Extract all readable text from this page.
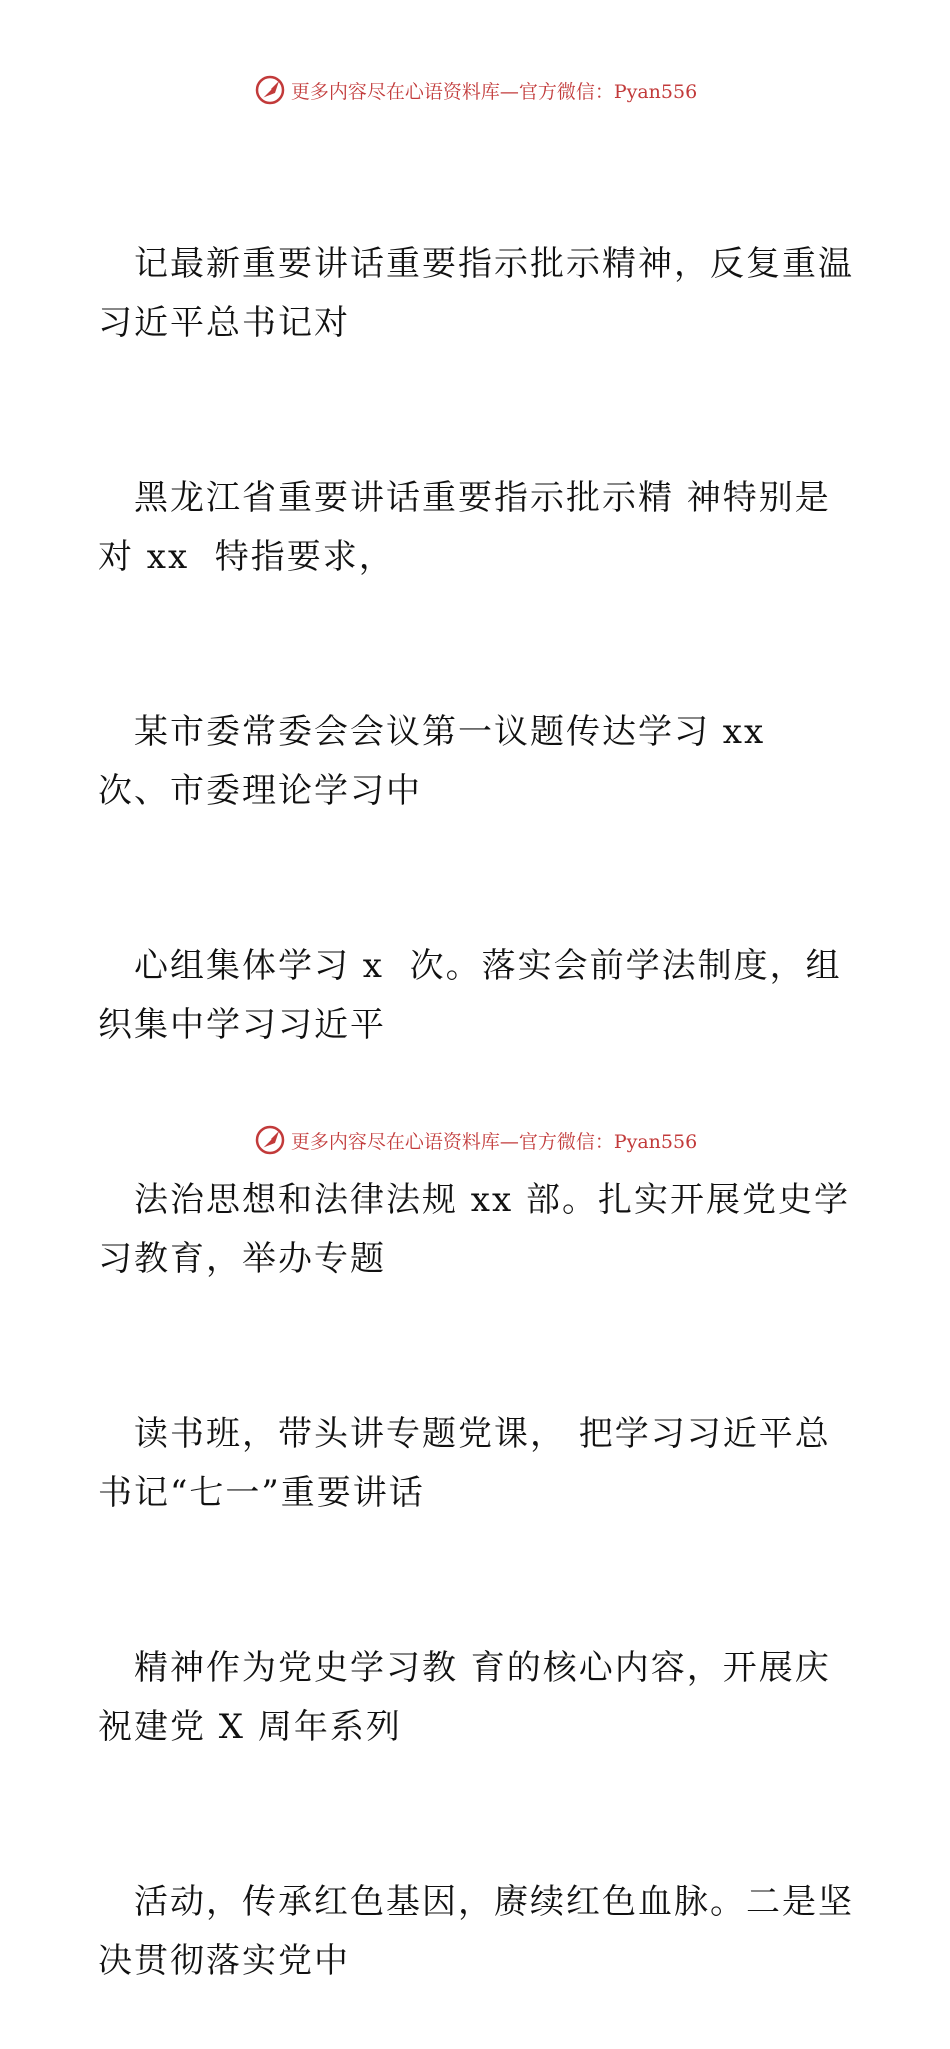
更多内容尽在心语资料库—官方微信：Pyan556

记最新重要讲话重要指示批示精神，反复重温习近平总书记对

黑龙江省重要讲话重要指示批示精 神特别是对 xx  特指要求，

某市委常委会会议第一议题传达学习 xx  次、市委理论学习中

心组集体学习 x  次。落实会前学法制度，组织集中学习习近平

法治思想和法律法规 xx 部。扎实开展党史学习教育，举办专题

读书班，带头讲专题党课， 把学习习近平总书记“七一”重要讲话

精神作为党史学习教 育的核心内容，开展庆祝建党 X 周年系列

活动，传承红色基因，赓续红色血脉。二是坚决贯彻落实党中

更多内容尽在心语资料库—官方微信：Pyan556
